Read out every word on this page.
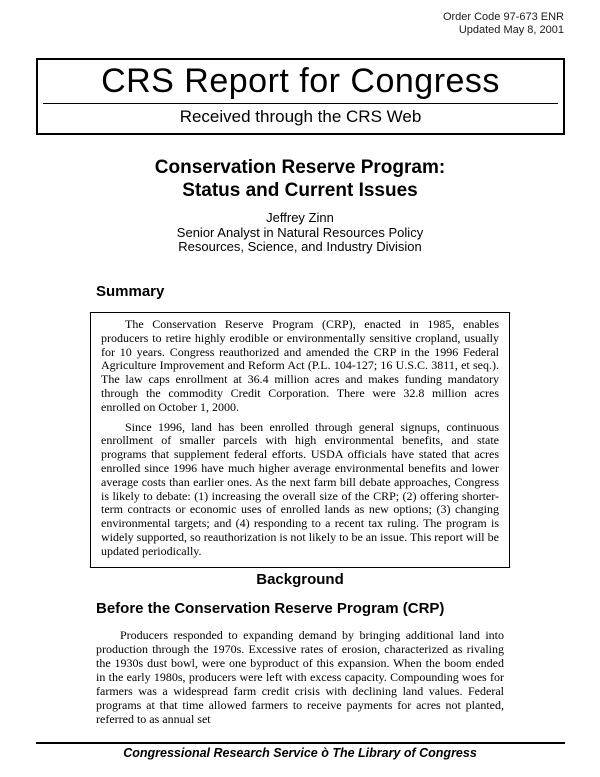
Order Code 97-673 ENR
Updated May 8, 2001
CRS Report for Congress
Received through the CRS Web
Conservation Reserve Program:
Status and Current Issues
Jeffrey Zinn
Senior Analyst in Natural Resources Policy
Resources, Science, and Industry Division
Summary

The Conservation Reserve Program (CRP), enacted in 1985, enables producers to retire highly erodible or environmentally sensitive cropland, usually for 10 years. Congress reauthorized and amended the CRP in the 1996 Federal Agriculture Improvement and Reform Act (P.L. 104-127; 16 U.S.C. 3811, et seq.). The law caps enrollment at 36.4 million acres and makes funding mandatory through the commodity Credit Corporation. There were 32.8 million acres enrolled on October 1, 2000.

Since 1996, land has been enrolled through general signups, continuous enrollment of smaller parcels with high environmental benefits, and state programs that supplement federal efforts. USDA officials have stated that acres enrolled since 1996 have much higher average environmental benefits and lower average costs than earlier ones. As the next farm bill debate approaches, Congress is likely to debate: (1) increasing the overall size of the CRP; (2) offering shorter-term contracts or economic uses of enrolled lands as new options; (3) changing environmental targets; and (4) responding to a recent tax ruling. The program is widely supported, so reauthorization is not likely to be an issue. This report will be updated periodically.

Background
Before the Conservation Reserve Program (CRP)

Producers responded to expanding demand by bringing additional land into production through the 1970s. Excessive rates of erosion, characterized as rivaling the 1930s dust bowl, were one byproduct of this expansion. When the boom ended in the early 1980s, producers were left with excess capacity. Compounding woes for farmers was a widespread farm credit crisis with declining land values. Federal programs at that time allowed farmers to receive payments for acres not planted, referred to as annual set

Congressional Research Service ò The Library of Congress
